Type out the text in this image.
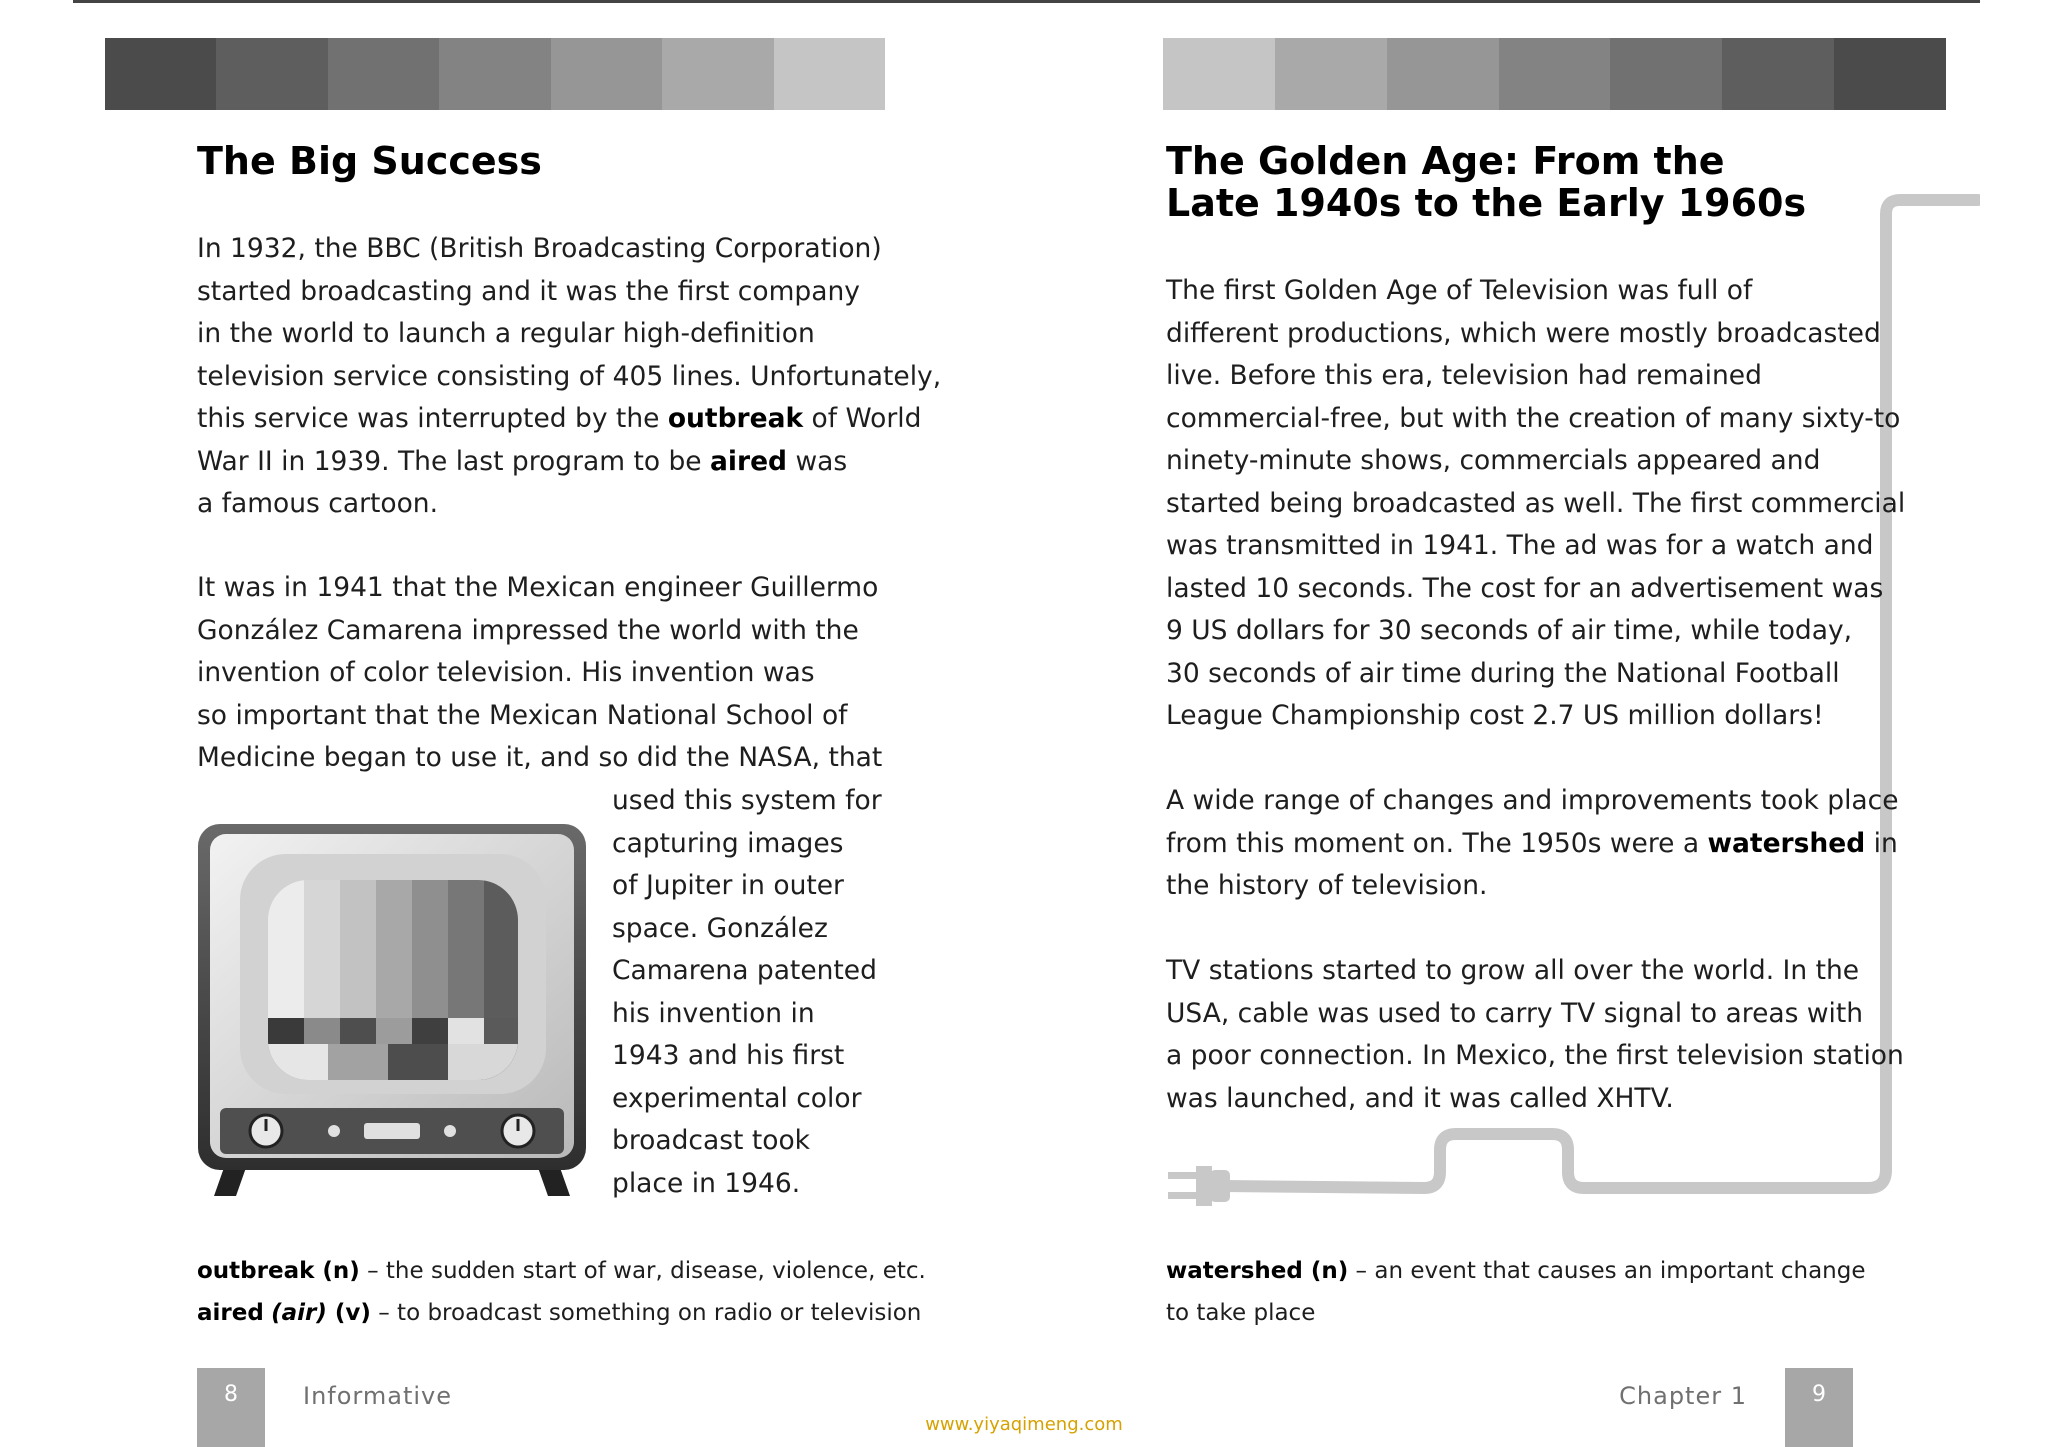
The Big Success
In 1932, the BBC (British Broadcasting Corporation)
started broadcasting and it was the first company
in the world to launch a regular high-definition
television service consisting of 405 lines. Unfortunately,
this service was interrupted by the outbreak of World
War II in 1939. The last program to be aired was
a famous cartoon.
It was in 1941 that the Mexican engineer Guillermo
González Camarena impressed the world with the
invention of color television. His invention was
so important that the Mexican National School of
Medicine began to use it, and so did the NASA, that
used this system for
capturing images
of Jupiter in outer
space. González
Camarena patented
his invention in
1943 and his first
experimental color
broadcast took
place in 1946.
outbreak (n) – the sudden start of war, disease, violence, etc.
aired (air) (v) – to broadcast something on radio or television
8	Informative
The Golden Age: From the
Late 1940s to the Early 1960s
The first Golden Age of Television was full of
different productions, which were mostly broadcasted
live. Before this era, television had remained
commercial-free, but with the creation of many sixty-to
ninety-minute shows, commercials appeared and
started being broadcasted as well. The first commercial
was transmitted in 1941. The ad was for a watch and
lasted 10 seconds. The cost for an advertisement was
9 US dollars for 30 seconds of air time, while today,
30 seconds of air time during the National Football
League Championship cost 2.7 US million dollars!
A wide range of changes and improvements took place
from this moment on. The 1950s were a watershed in
the history of television.
TV stations started to grow all over the world. In the
USA, cable was used to carry TV signal to areas with
a poor connection. In Mexico, the first television station
was launched, and it was called XHTV.
watershed (n) – an event that causes an important change
to take place
Chapter 1	9
www.yiyaqimeng.com
